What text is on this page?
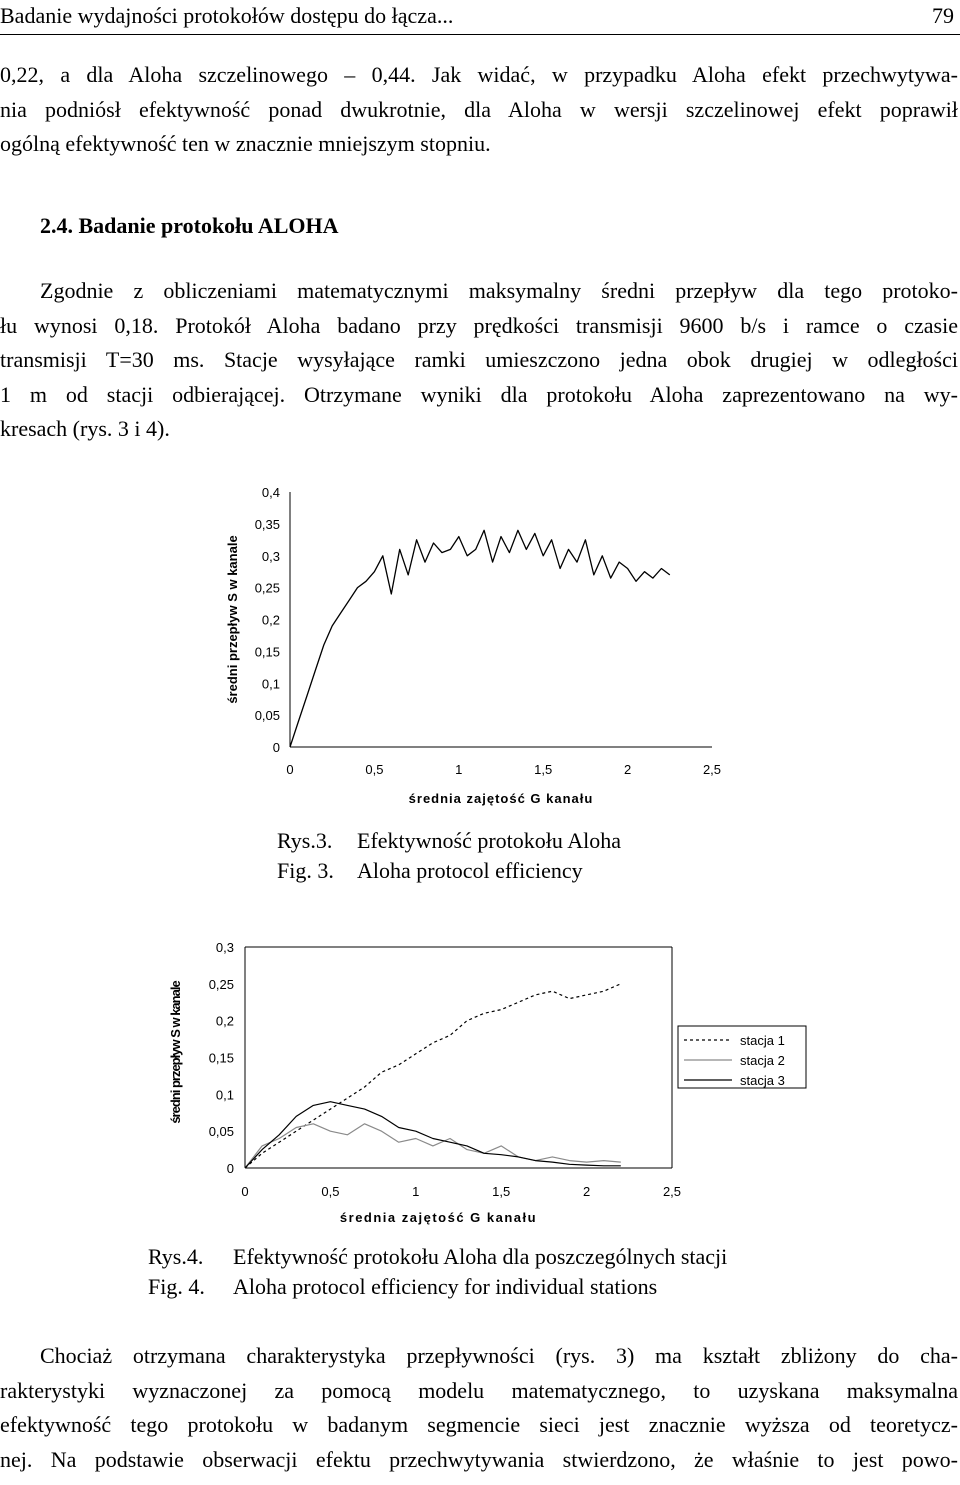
Badanie wydajności protokołów dostępu do łącza...	79
0,22, a dla Aloha szczelinowego – 0,44. Jak widać, w przypadku Aloha efekt przechwytywa-
nia podniósł efektywność ponad dwukrotnie, dla Aloha w wersji szczelinowej efekt poprawił
ogólną efektywność ten w znacznie mniejszym stopniu.
2.4. Badanie protokołu ALOHA
Zgodnie z obliczeniami matematycznymi maksymalny średni przepływ dla tego protoko-
łu wynosi 0,18. Protokół Aloha badano przy prędkości transmisji 9600 b/s i ramce o czasie
transmisji T=30 ms. Stacje wysyłające ramki umieszczono jedna obok drugiej w odległości
1 m od stacji odbierającej. Otrzymane wyniki dla protokołu Aloha zaprezentowano na wy-
kresach (rys. 3 i 4).
0
0,05
0,1
0,15
0,2
0,25
0,3
0,35
0,4
0	0,5	1	1,5	2	2,5
średnia zajętość G kanału
średni przepływ S w kanale
Rys.3. Efektywność protokołu Aloha
Fig. 3. Aloha protocol efficiency
0
0,05
0,1
0,15
0,2
0,25
0,3
0	0,5	1	1,5	2	2,5
średnia zajętość G kanału
średni przepływ S w kanale	stacja 1
stacja 2
stacja 3
Rys.4. Efektywność protokołu Aloha dla poszczególnych stacji
Fig. 4. Aloha protocol efficiency for individual stations
Chociaż otrzymana charakterystyka przepływności (rys. 3) ma kształt zbliżony do cha-
rakterystyki wyznaczonej za pomocą modelu matematycznego, to uzyskana maksymalna
efektywność tego protokołu w badanym segmencie sieci jest znacznie wyższa od teoretycz-
nej. Na podstawie obserwacji efektu przechwytywania stwierdzono, że właśnie to jest powo-
